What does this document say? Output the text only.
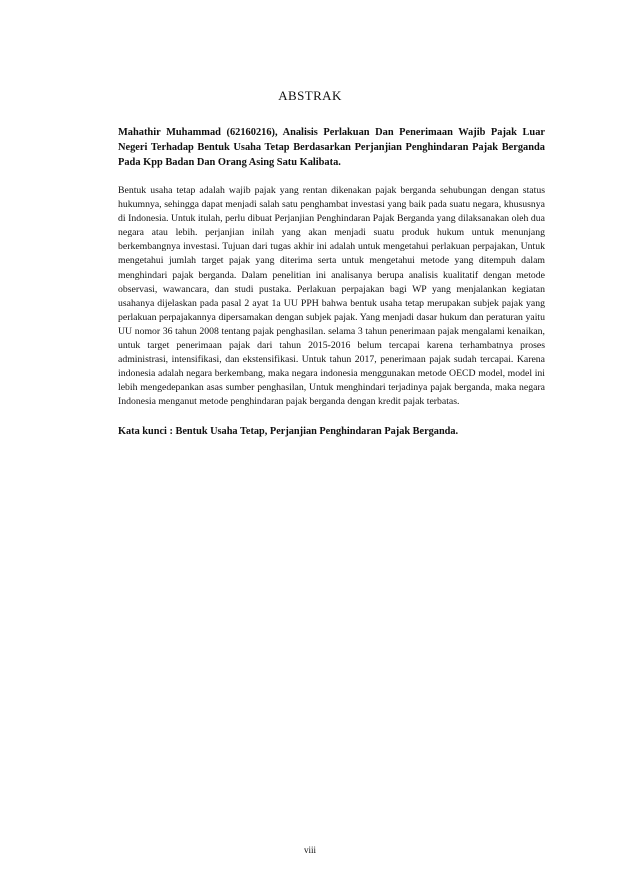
ABSTRAK

Mahathir Muhammad (62160216), Analisis Perlakuan Dan Penerimaan Wajib Pajak Luar Negeri Terhadap Bentuk Usaha Tetap Berdasarkan Perjanjian Penghindaran Pajak Berganda Pada Kpp Badan Dan Orang Asing Satu Kalibata.

Bentuk usaha tetap adalah wajib pajak yang rentan dikenakan pajak berganda sehubungan dengan status hukumnya, sehingga dapat menjadi salah satu penghambat investasi yang baik pada suatu negara, khususnya di Indonesia. Untuk itulah, perlu dibuat Perjanjian Penghindaran Pajak Berganda yang dilaksanakan oleh dua negara atau lebih. perjanjian inilah yang akan menjadi suatu produk hukum untuk menunjang berkembangnya investasi. Tujuan dari tugas akhir ini adalah untuk mengetahui perlakuan perpajakan, Untuk mengetahui jumlah target pajak yang diterima serta untuk mengetahui metode yang ditempuh dalam menghindari pajak berganda. Dalam penelitian ini analisanya berupa analisis kualitatif dengan metode observasi, wawancara, dan studi pustaka. Perlakuan perpajakan bagi WP yang menjalankan kegiatan usahanya dijelaskan pada pasal 2 ayat 1a UU PPH bahwa bentuk usaha tetap merupakan subjek pajak yang perlakuan perpajakannya dipersamakan dengan subjek pajak. Yang menjadi dasar hukum dan peraturan yaitu UU nomor 36 tahun 2008 tentang pajak penghasilan. selama 3 tahun penerimaan pajak mengalami kenaikan, untuk target penerimaan pajak dari tahun 2015-2016 belum tercapai karena terhambatnya proses administrasi, intensifikasi, dan ekstensifikasi. Untuk tahun 2017, penerimaan pajak sudah tercapai. Karena indonesia adalah negara berkembang, maka negara indonesia menggunakan metode OECD model, model ini lebih mengedepankan asas sumber penghasilan, Untuk menghindari terjadinya pajak berganda, maka negara Indonesia menganut metode penghindaran pajak berganda dengan kredit pajak terbatas.

Kata kunci : Bentuk Usaha Tetap, Perjanjian Penghindaran Pajak Berganda.

viii
